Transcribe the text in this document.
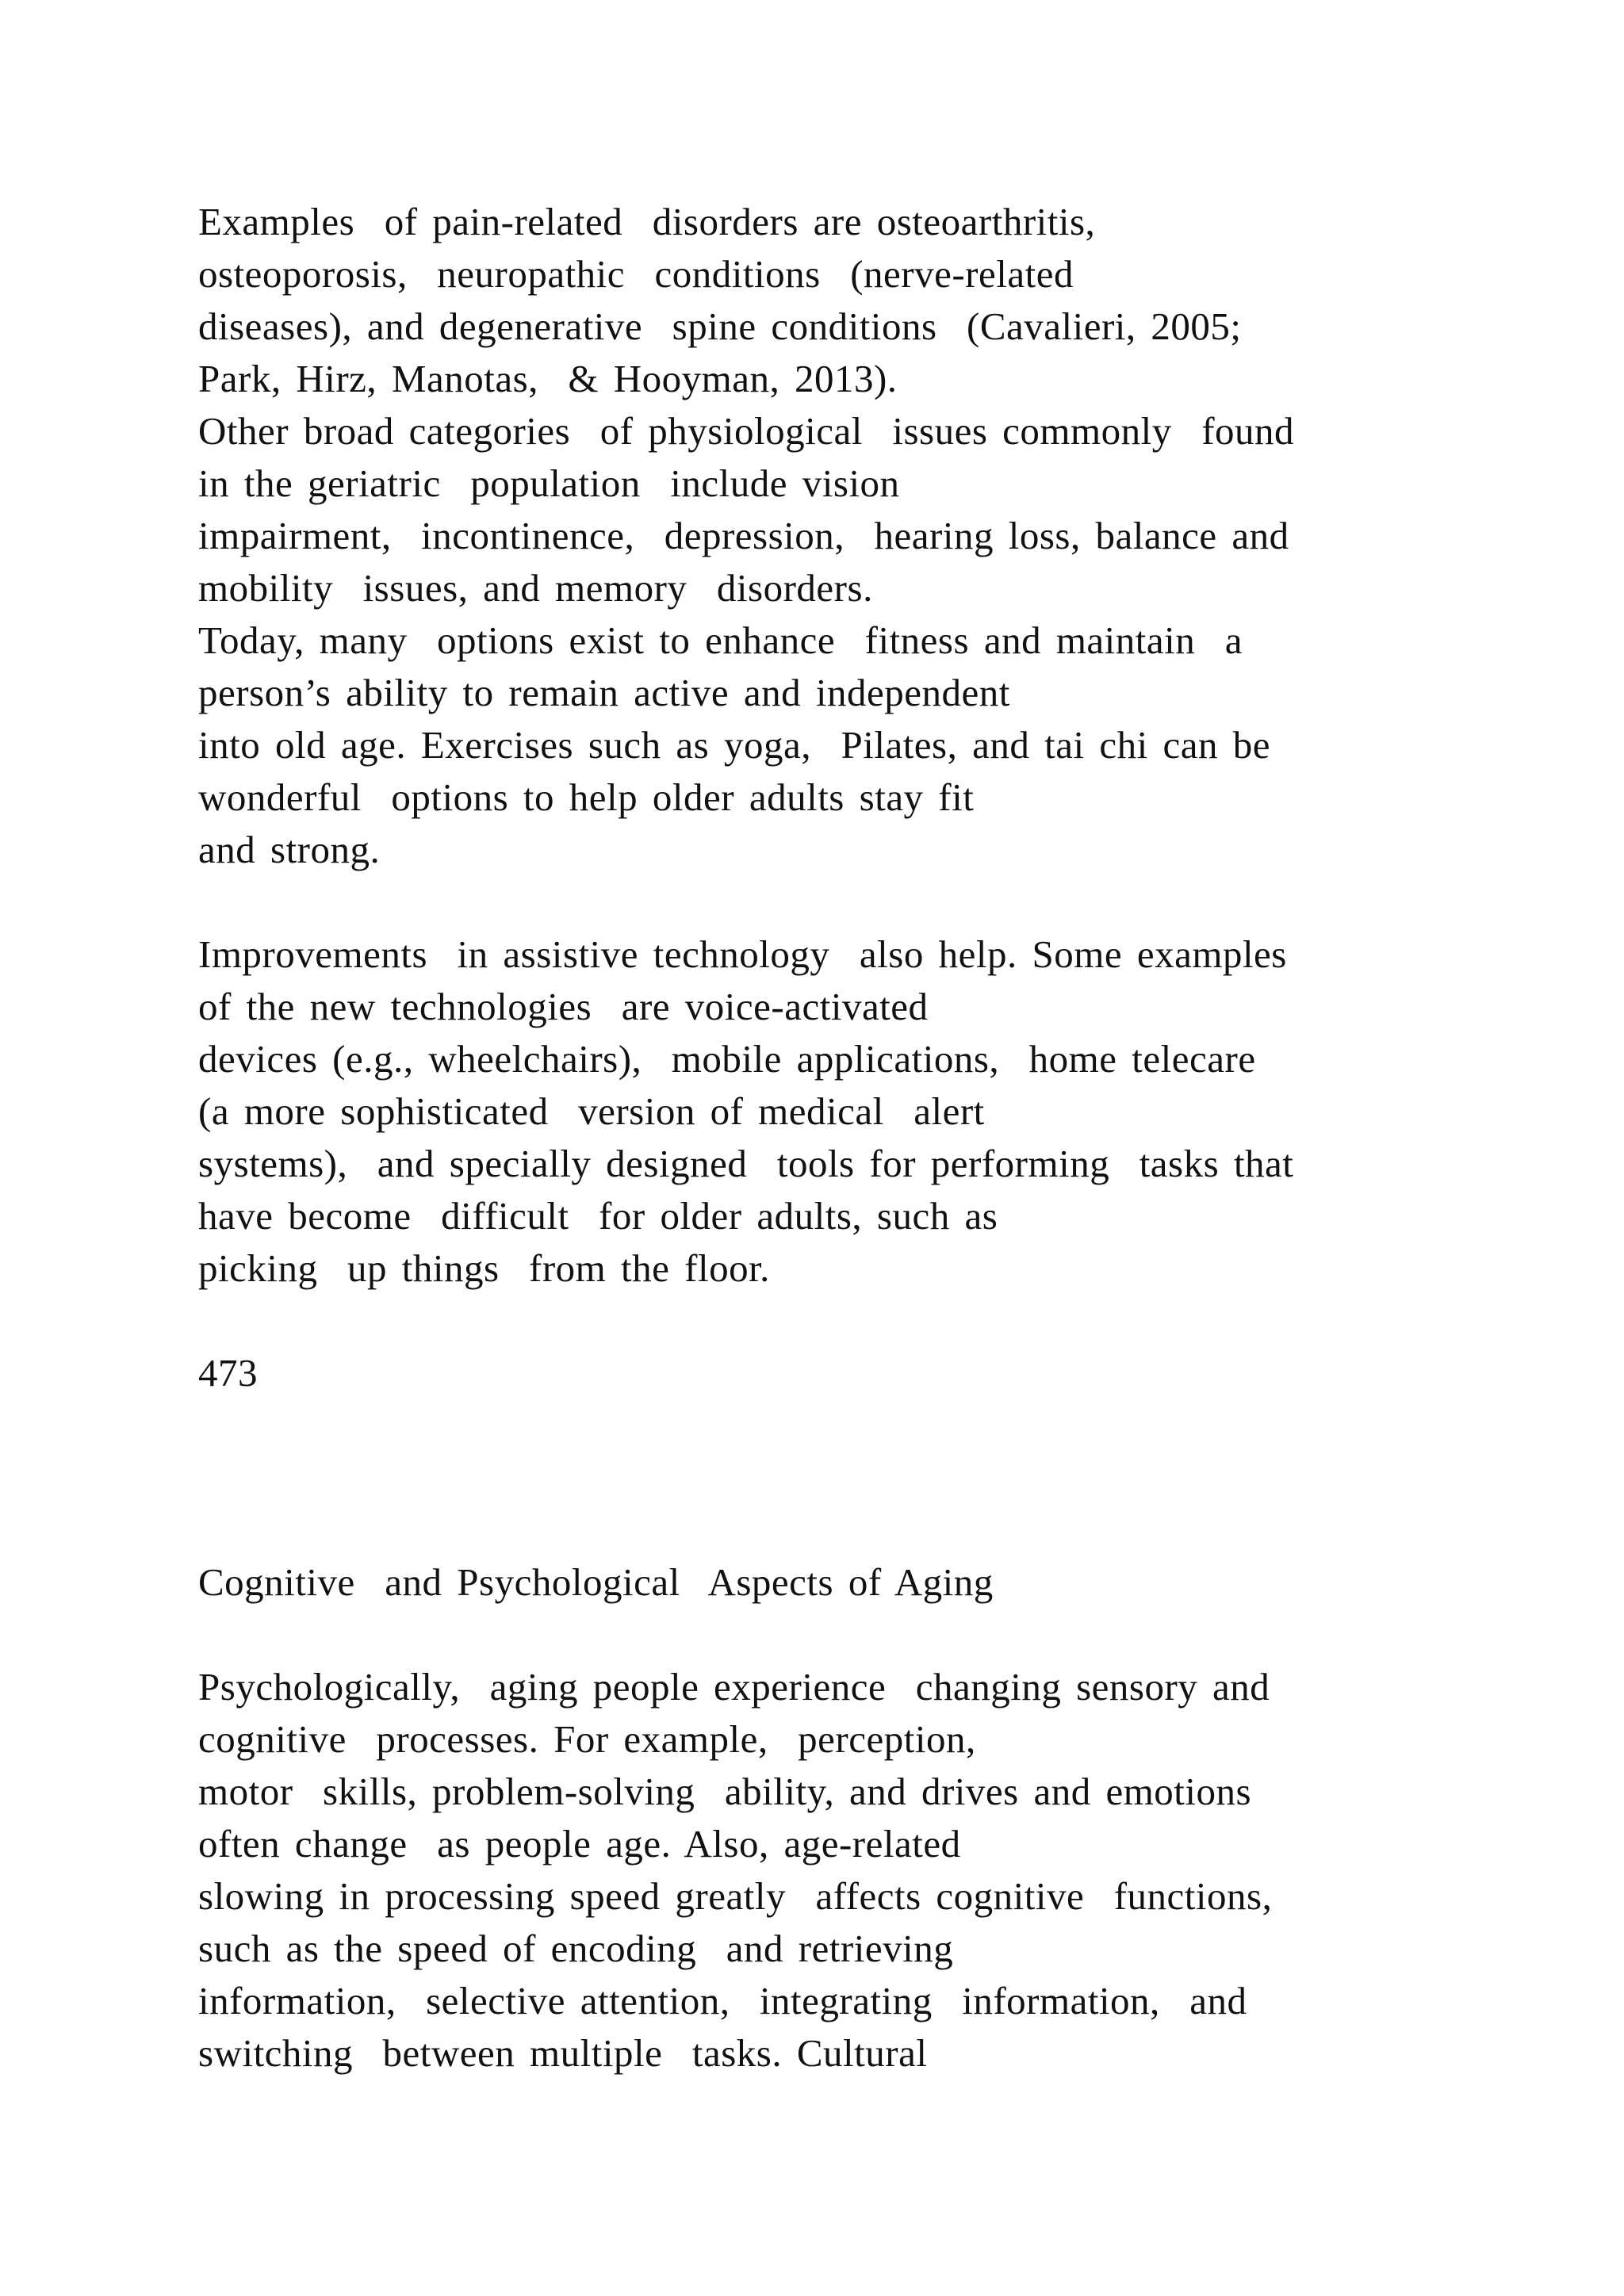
Examples  of pain-related  disorders are osteoarthritis,
osteoporosis,  neuropathic  conditions  (nerve-related
diseases), and degenerative  spine conditions  (Cavalieri, 2005;
Park, Hirz, Manotas,  & Hooyman, 2013).
Other broad categories  of physiological  issues commonly  found
in the geriatric  population  include vision
impairment,  incontinence,  depression,  hearing loss, balance and
mobility  issues, and memory  disorders.
Today, many  options exist to enhance  fitness and maintain  a
person’s ability to remain active and independent
into old age. Exercises such as yoga,  Pilates, and tai chi can be
wonderful  options to help older adults stay fit
and strong.
Improvements  in assistive technology  also help. Some examples
of the new technologies  are voice-activated
devices (e.g., wheelchairs),  mobile applications,  home telecare
(a more sophisticated  version of medical  alert
systems),  and specially designed  tools for performing  tasks that
have become  difficult  for older adults, such as
picking  up things  from the floor.
473
Cognitive  and Psychological  Aspects of Aging
Psychologically,  aging people experience  changing sensory and
cognitive  processes. For example,  perception,
motor  skills, problem-solving  ability, and drives and emotions
often change  as people age. Also, age-related
slowing in processing speed greatly  affects cognitive  functions,
such as the speed of encoding  and retrieving
information,  selective attention,  integrating  information,  and
switching  between multiple  tasks. Cultural
